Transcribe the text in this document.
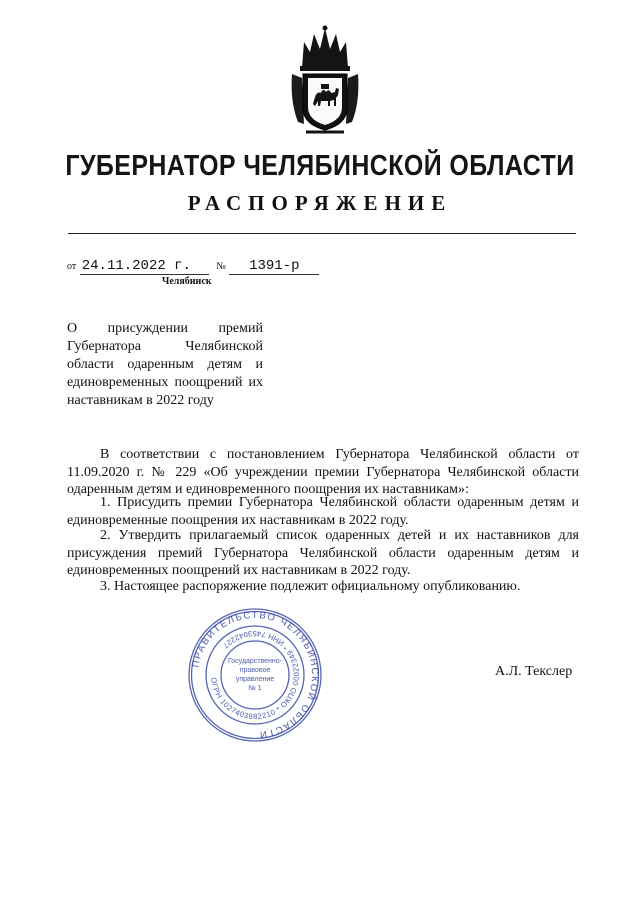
ГУБЕРНАТОР ЧЕЛЯБИНСКОЙ ОБЛАСТИ
РАСПОРЯЖЕНИЕ
от 24.11.2022 г.	№ 1391-р
Челябинск
О присуждении премий Губернатора Челябинской области одаренным детям и единовременных поощрений их наставникам в 2022 году
В соответствии с постановлением Губернатора Челябинской области от 11.09.2020 г. № 229 «Об учреждении премии Губернатора Челябинской области одаренным детям и единовременного поощрения их наставникам»:
1. Присудить премии Губернатора Челябинской области одаренным детям и единовременные поощрения их наставникам в 2022 году.
2. Утвердить прилагаемый список одаренных детей и их наставников для присуждения премий Губернатора Челябинской области одаренным детям и единовременных поощрений их наставникам в 2022 году.
3. Настоящее распоряжение подлежит официальному опубликованию.
ПРАВИТЕЛЬСТВО ЧЕЛЯБИНСКОЙ ОБЛАСТИ
ОГРН 1027403882210 * ОКПО 00022349 * ИНН 7453042227
Государственно-
правовое
управление
№ 1
А.Л. Текслер
